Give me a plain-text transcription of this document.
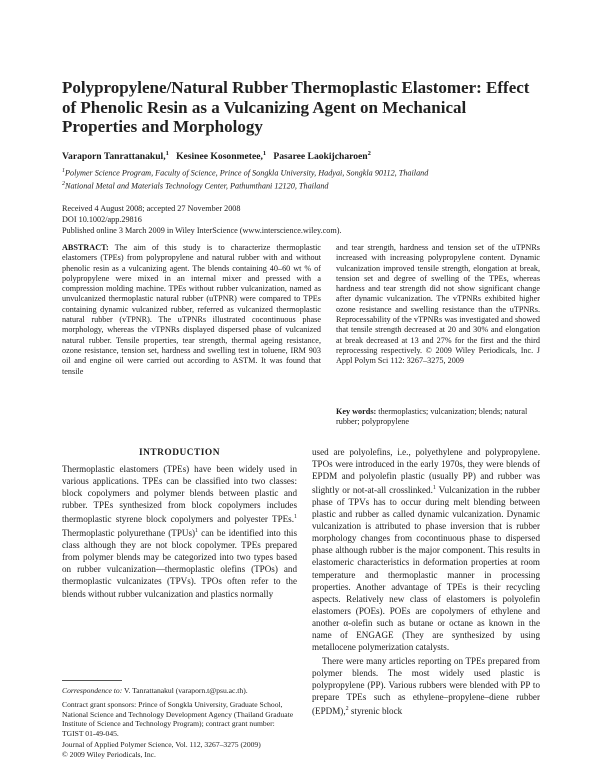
Polypropylene/Natural Rubber Thermoplastic Elastomer: Effect of Phenolic Resin as a Vulcanizing Agent on Mechanical Properties and Morphology
Varaporn Tanrattanakul,$^1$ Kesinee Kosonmetee,$^1$ Pasaree Laokijcharoen$^2$
$^1$Polymer Science Program, Faculty of Science, Prince of Songkla University, Hadyai, Songkla 90112, Thailand
$^2$National Metal and Materials Technology Center, Pathumthani 12120, Thailand
Received 4 August 2008; accepted 27 November 2008
DOI 10.1002/app.29816
Published online 3 March 2009 in Wiley InterScience (www.interscience.wiley.com).
ABSTRACT: The aim of this study is to characterize thermoplastic elastomers (TPEs) from polypropylene and natural rubber with and without phenolic resin as a vulcanizing agent. The blends containing 40–60 wt % of polypropylene were mixed in an internal mixer and pressed with a compression molding machine. TPEs without rubber vulcanization, named as unvulcanized thermoplastic natural rubber (uTPNR) were compared to TPEs containing dynamic vulcanized rubber, referred as vulcanized thermoplastic natural rubber (vTPNR). The uTPNRs illustrated cocontinuous phase morphology, whereas the vTPNRs displayed dispersed phase of vulcanized natural rubber. Tensile properties, tear strength, thermal ageing resistance, ozone resistance, tension set, hardness and swelling test in toluene, IRM 903 oil and engine oil were carried out according to ASTM. It was found that tensile
and tear strength, hardness and tension set of the uTPNRs increased with increasing polypropylene content. Dynamic vulcanization improved tensile strength, elongation at break, tension set and degree of swelling of the TPEs, whereas hardness and tear strength did not show significant change after dynamic vulcanization. The vTPNRs exhibited higher ozone resistance and swelling resistance than the uTPNRs. Reprocessability of the vTPNRs was investigated and showed that tensile strength decreased at 20 and 30% and elongation at break decreased at 13 and 27% for the first and the third reprocessing respectively. © 2009 Wiley Periodicals, Inc. J Appl Polym Sci 112: 3267–3275, 2009
Key words: thermoplastics; vulcanization; blends; natural rubber; polypropylene
INTRODUCTION

Thermoplastic elastomers (TPEs) have been widely used in various applications. TPEs can be classified into two classes: block copolymers and polymer blends between plastic and rubber. TPEs synthesized from block copolymers includes thermoplastic styrene block copolymers and polyester TPEs.$^1$ Thermoplastic polyurethane (TPUs)$^1$ can be identified into this class although they are not block copolymer. TPEs prepared from polymer blends may be categorized into two types based on rubber vulcanization—thermoplastic olefins (TPOs) and thermoplastic vulcanizates (TPVs). TPOs often refer to the blends without rubber vulcanization and plastics normally

used are polyolefins, i.e., polyethylene and polypropylene. TPOs were introduced in the early 1970s, they were blends of EPDM and polyolefin plastic (usually PP) and rubber was slightly or not-at-all crosslinked.$^1$ Vulcanization in the rubber phase of TPVs has to occur during melt blending between plastic and rubber as called dynamic vulcanization. Dynamic vulcanization is attributed to phase inversion that is rubber morphology changes from cocontinuous phase to dispersed phase although rubber is the major component. This results in elastomeric characteristics in deformation properties at room temperature and thermoplastic manner in processing properties. Another advantage of TPEs is their recycling aspects. Relatively new class of elastomers is polyolefin elastomers (POEs). POEs are copolymers of ethylene and another α-olefin such as butane or octane as known in the name of ENGAGE (They are synthesized by using metallocene polymerization catalysts.

There were many articles reporting on TPEs prepared from polymer blends. The most widely used plastic is polypropylene (PP). Various rubbers were blended with PP to prepare TPEs such as ethylene–propylene–diene rubber (EPDM),$^2$ styrenic block

Correspondence to: V. Tanrattanakul (varaporn.t@psu.ac.th).

Contract grant sponsors: Prince of Songkla University, Graduate School, National Science and Technology Development Agency (Thailand Graduate Institute of Science and Technology Program); contract grant number: TGIST 01-49-045.

Journal of Applied Polymer Science, Vol. 112, 3267–3275 (2009)
© 2009 Wiley Periodicals, Inc.
